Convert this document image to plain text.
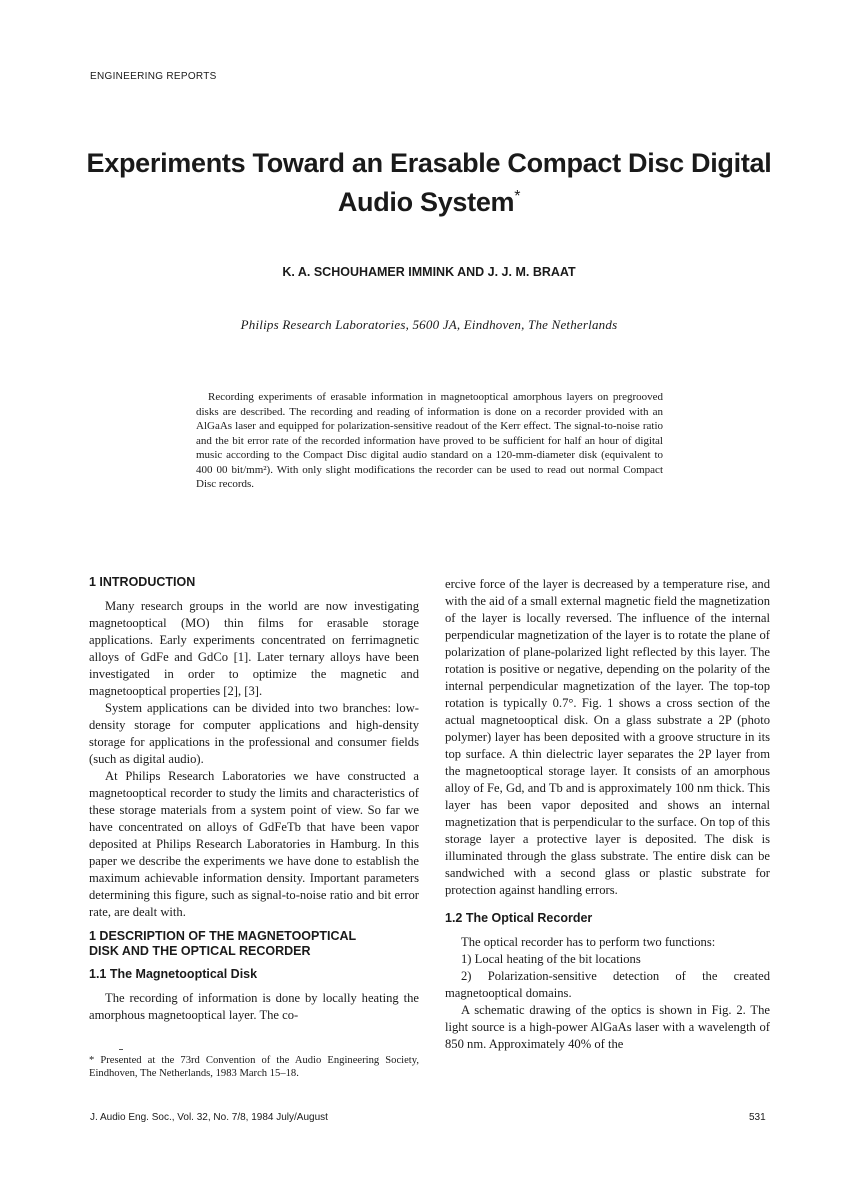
ENGINEERING REPORTS
Experiments Toward an Erasable Compact Disc Digital
Audio System*
K. A. SCHOUHAMER IMMINK AND J. J. M. BRAAT
Philips Research Laboratories, 5600 JA, Eindhoven, The Netherlands
Recording experiments of erasable information in magnetooptical amorphous layers on pregrooved disks are described. The recording and reading of information is done on a recorder provided with an AlGaAs laser and equipped for polarization-sensitive readout of the Kerr effect. The signal-to-noise ratio and the bit error rate of the recorded information have proved to be sufficient for half an hour of digital music according to the Compact Disc digital audio standard on a 120-mm-diameter disk (equivalent to 400 00 bit/mm²). With only slight modifications the recorder can be used to read out normal Compact Disc records.
1 INTRODUCTION

Many research groups in the world are now investigating magnetooptical (MO) thin films for erasable storage applications. Early experiments concentrated on ferrimagnetic alloys of GdFe and GdCo [1]. Later ternary alloys have been investigated in order to optimize the magnetic and magnetooptical properties [2], [3].

System applications can be divided into two branches: low-density storage for computer applications and high-density storage for applications in the professional and consumer fields (such as digital audio).

At Philips Research Laboratories we have constructed a magnetooptical recorder to study the limits and characteristics of these storage materials from a system point of view. So far we have concentrated on alloys of GdFeTb that have been vapor deposited at Philips Research Laboratories in Hamburg. In this paper we describe the experiments we have done to establish the maximum achievable information density. Important parameters determining this figure, such as signal-to-noise ratio and bit error rate, are dealt with.

1 DESCRIPTION OF THE MAGNETOOPTICAL
DISK AND THE OPTICAL RECORDER
1.1 The Magnetooptical Disk

The recording of information is done by locally heating the amorphous magnetooptical layer. The co-

ercive force of the layer is decreased by a temperature rise, and with the aid of a small external magnetic field the magnetization of the layer is locally reversed. The influence of the internal perpendicular magnetization of the layer is to rotate the plane of polarization of plane-polarized light reflected by this layer. The rotation is positive or negative, depending on the polarity of the internal perpendicular magnetization of the layer. The top-top rotation is typically 0.7°. Fig. 1 shows a cross section of the actual magnetooptical disk. On a glass substrate a 2P (photo polymer) layer has been deposited with a groove structure in its top surface. A thin dielectric layer separates the 2P layer from the magnetooptical storage layer. It consists of an amorphous alloy of Fe, Gd, and Tb and is approximately 100 nm thick. This layer has been vapor deposited and shows an internal magnetization that is perpendicular to the surface. On top of this storage layer a protective layer is deposited. The disk is illuminated through the glass substrate. The entire disk can be sandwiched with a second glass or plastic substrate for protection against handling errors.

1.2 The Optical Recorder

The optical recorder has to perform two functions:

1) Local heating of the bit locations

2) Polarization-sensitive detection of the created magnetooptical domains.

A schematic drawing of the optics is shown in Fig. 2. The light source is a high-power AlGaAs laser with a wavelength of 850 nm. Approximately 40% of the

* Presented at the 73rd Convention of the Audio Engineering Society, Eindhoven, The Netherlands, 1983 March 15–18.
J. Audio Eng. Soc., Vol. 32, No. 7/8, 1984 July/August	531
